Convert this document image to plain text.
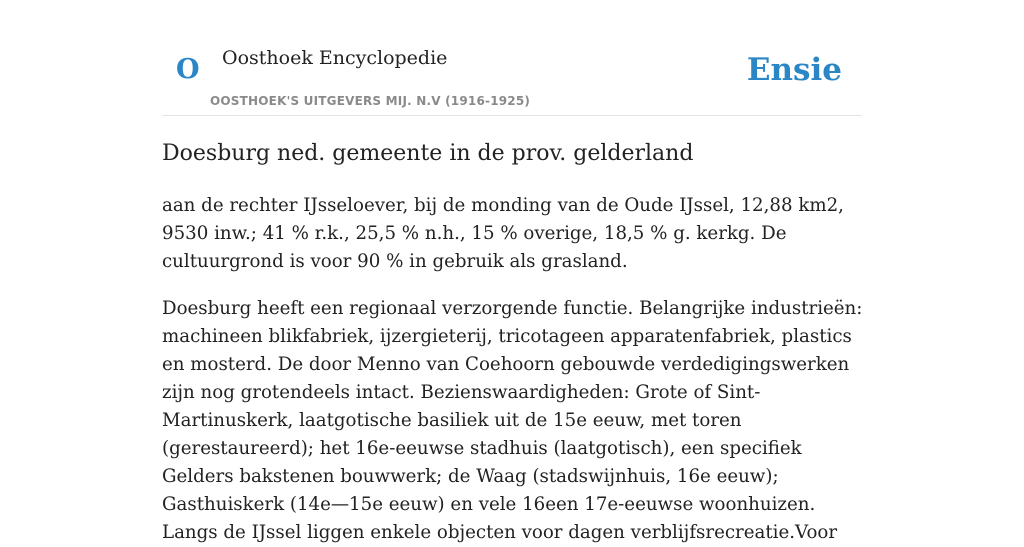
O Oosthoek Encyclopedie
OOSTHOEK'S UITGEVERS MIJ. N.V (1916-1925)
Ensie
Doesburg ned. gemeente in de prov. gelderland

aan de rechter IJsseloever, bij de monding van de Oude IJssel, 12,88 km2, 9530 inw.; 41 % r.k., 25,5 % n.h., 15 % overige, 18,5 % g. kerkg. De cultuurgrond is voor 90 % in gebruik als grasland.

Doesburg heeft een regionaal verzorgende functie. Belangrijke industrieën: machineen blikfabriek, ijzergieterij, tricotageen apparatenfabriek, plastics en mosterd. De door Menno van Coehoorn gebouwde verdedigingswerken zijn nog grotendeels intact. Bezienswaardigheden: Grote of Sint-Martinuskerk, laatgotische basiliek uit de 15e eeuw, met toren (gerestaureerd); het 16e-eeuwse stadhuis (laatgotisch), een specifiek Gelders bakstenen bouwwerk; de Waag (stadswijnhuis, 16e eeuw); Gasthuiskerk (14e—15e eeuw) en vele 16een 17e-eeuwse woonhuizen. Langs de IJssel liggen enkele objecten voor dagen verblijfsrecreatie.Voor
